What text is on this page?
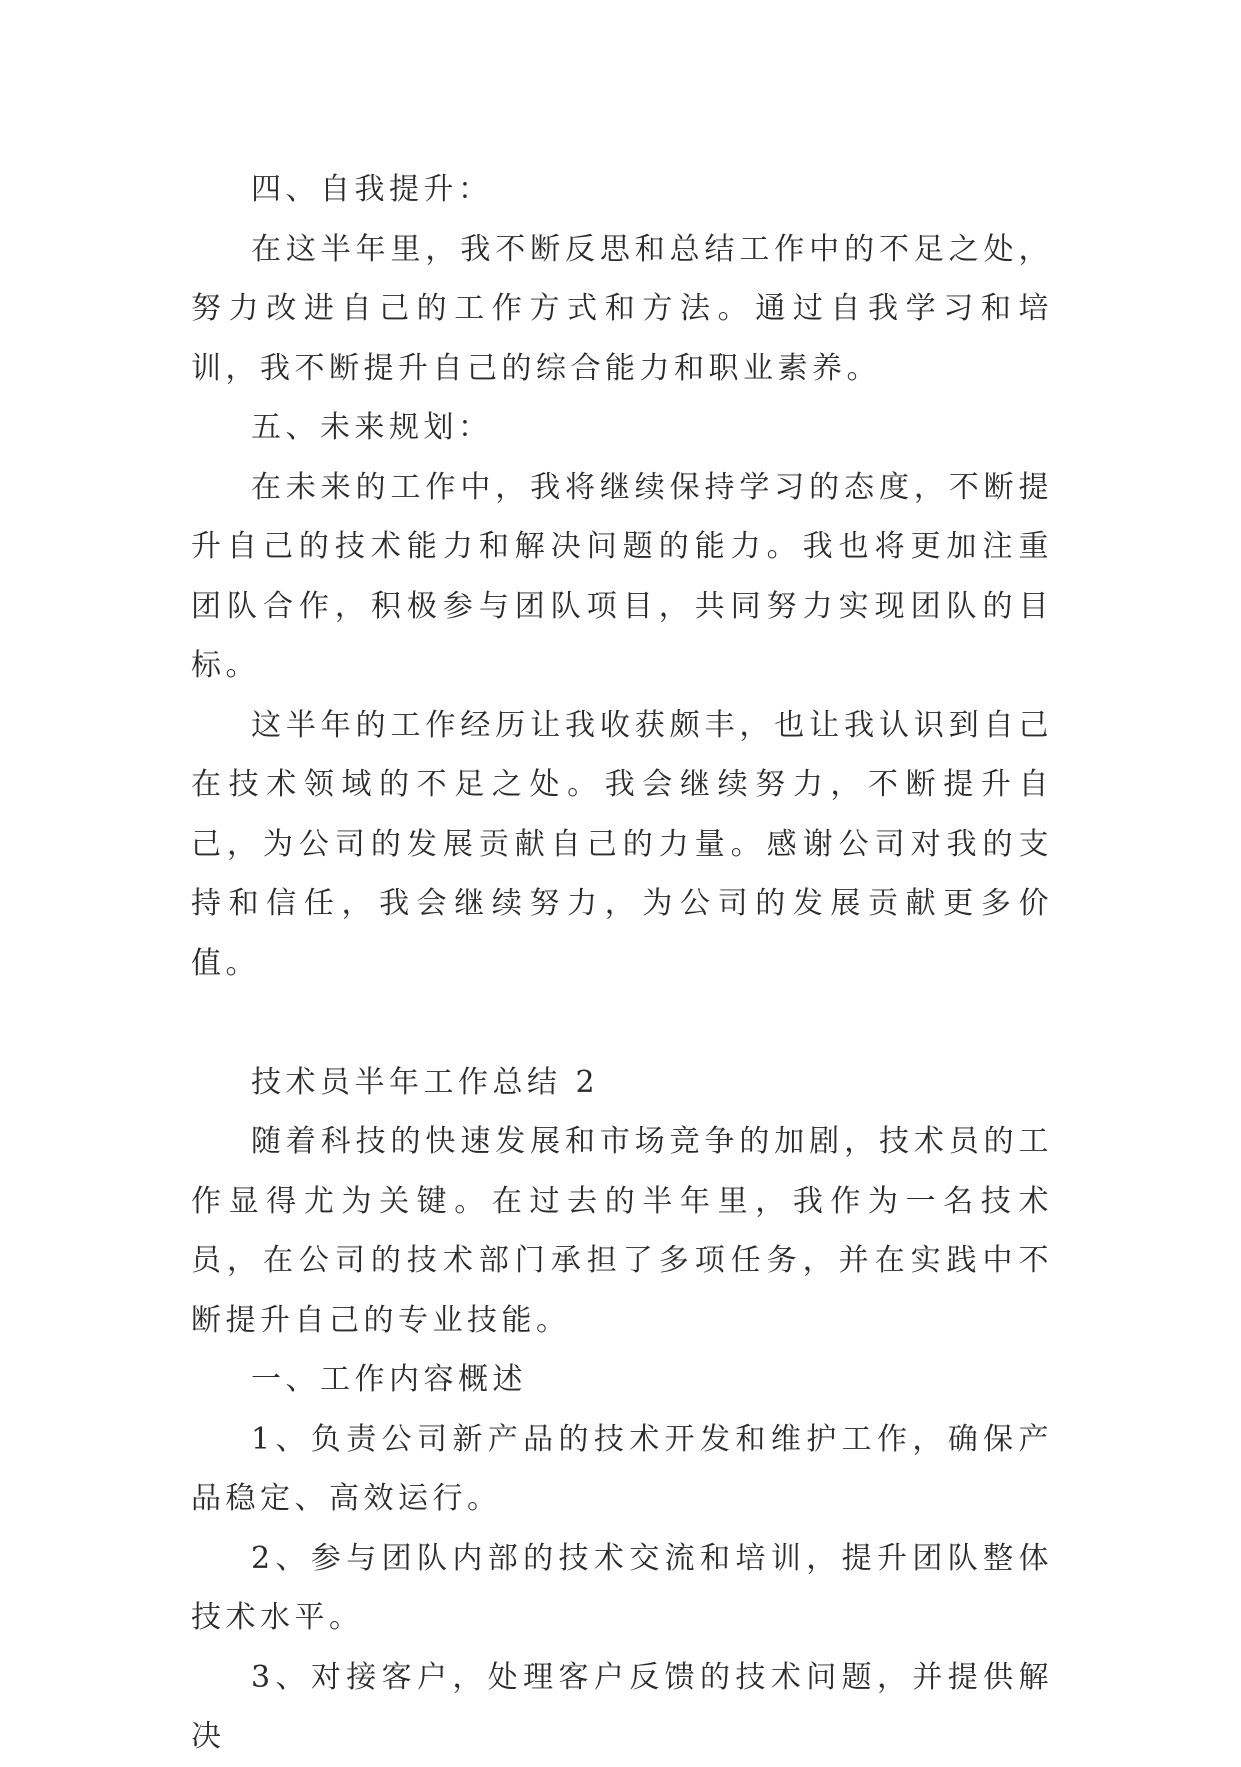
四、自我提升：

在这半年里，我不断反思和总结工作中的不足之处，努力改进自己的工作方式和方法。通过自我学习和培训，我不断提升自己的综合能力和职业素养。

五、未来规划：

在未来的工作中，我将继续保持学习的态度，不断提升自己的技术能力和解决问题的能力。我也将更加注重团队合作，积极参与团队项目，共同努力实现团队的目标。

这半年的工作经历让我收获颇丰，也让我认识到自己在技术领域的不足之处。我会继续努力，不断提升自己，为公司的发展贡献自己的力量。感谢公司对我的支持和信任，我会继续努力，为公司的发展贡献更多价值。

技术员半年工作总结 2

随着科技的快速发展和市场竞争的加剧，技术员的工作显得尤为关键。在过去的半年里，我作为一名技术员，在公司的技术部门承担了多项任务，并在实践中不断提升自己的专业技能。

一、工作内容概述

1、负责公司新产品的技术开发和维护工作，确保产品稳定、高效运行。

2、参与团队内部的技术交流和培训，提升团队整体技术水平。

3、对接客户，处理客户反馈的技术问题，并提供解决
